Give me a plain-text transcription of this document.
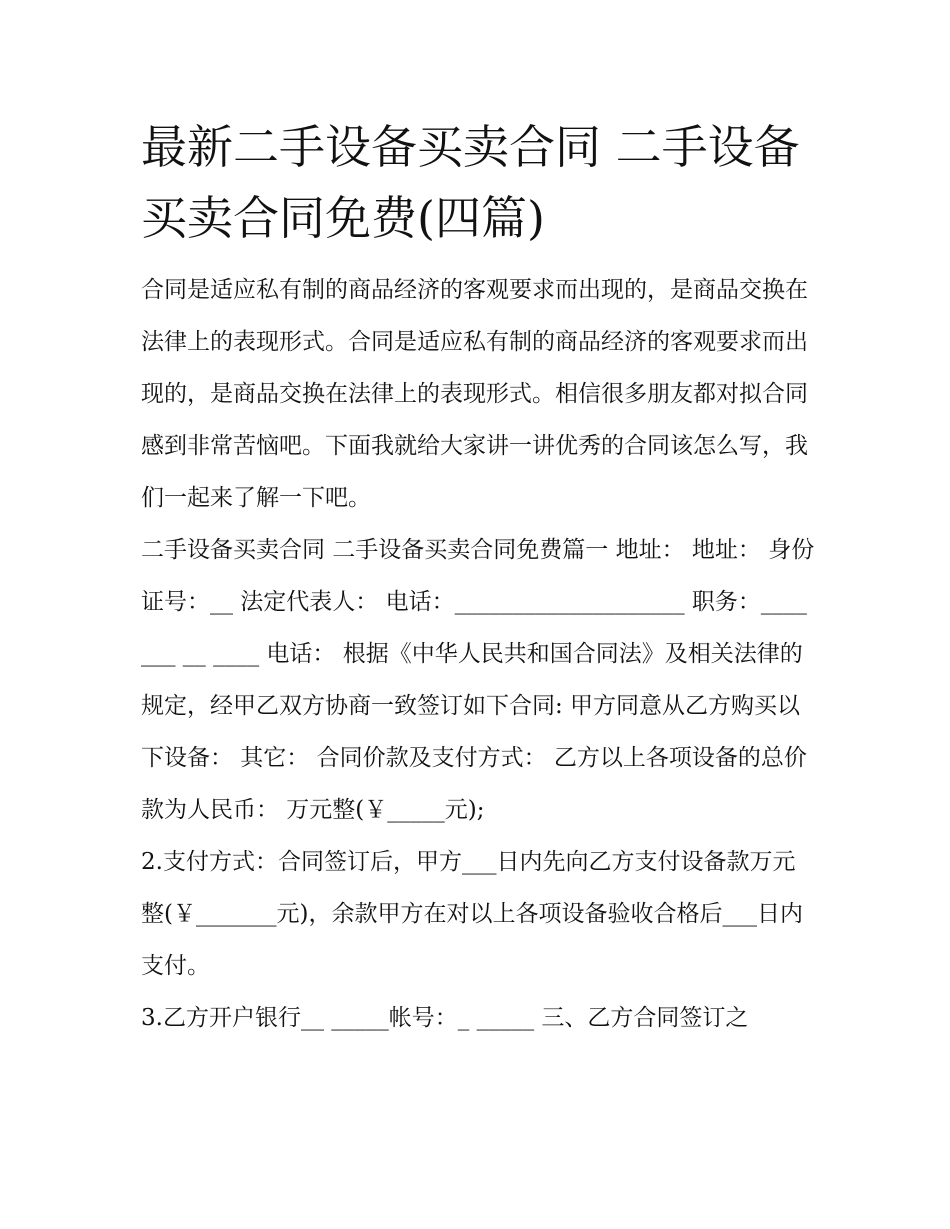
最新二手设备买卖合同 二手设备买卖合同免费(四篇)

合同是适应私有制的商品经济的客观要求而出现的，是商品交换在法律上的表现形式。合同是适应私有制的商品经济的客观要求而出现的，是商品交换在法律上的表现形式。相信很多朋友都对拟合同感到非常苦恼吧。下面我就给大家讲一讲优秀的合同该怎么写，我们一起来了解一下吧。

二手设备买卖合同 二手设备买卖合同免费篇一 地址： 地址： 身份证号：__ 法定代表人： 电话：____________________ 职务：_______ __ ____ 电话： 根据《中华人民共和国合同法》及相关法律的规定，经甲乙双方协商一致签订如下合同: 甲方同意从乙方购买以下设备： 其它： 合同价款及支付方式： 乙方以上各项设备的总价款为人民币： 万元整(￥_____元);

2.支付方式：合同签订后，甲方___日内先向乙方支付设备款万元整(￥_______元)，余款甲方在对以上各项设备验收合格后___日内支付。

3.乙方开户银行__ _____帐号：_ _____ 三、乙方合同签订之
